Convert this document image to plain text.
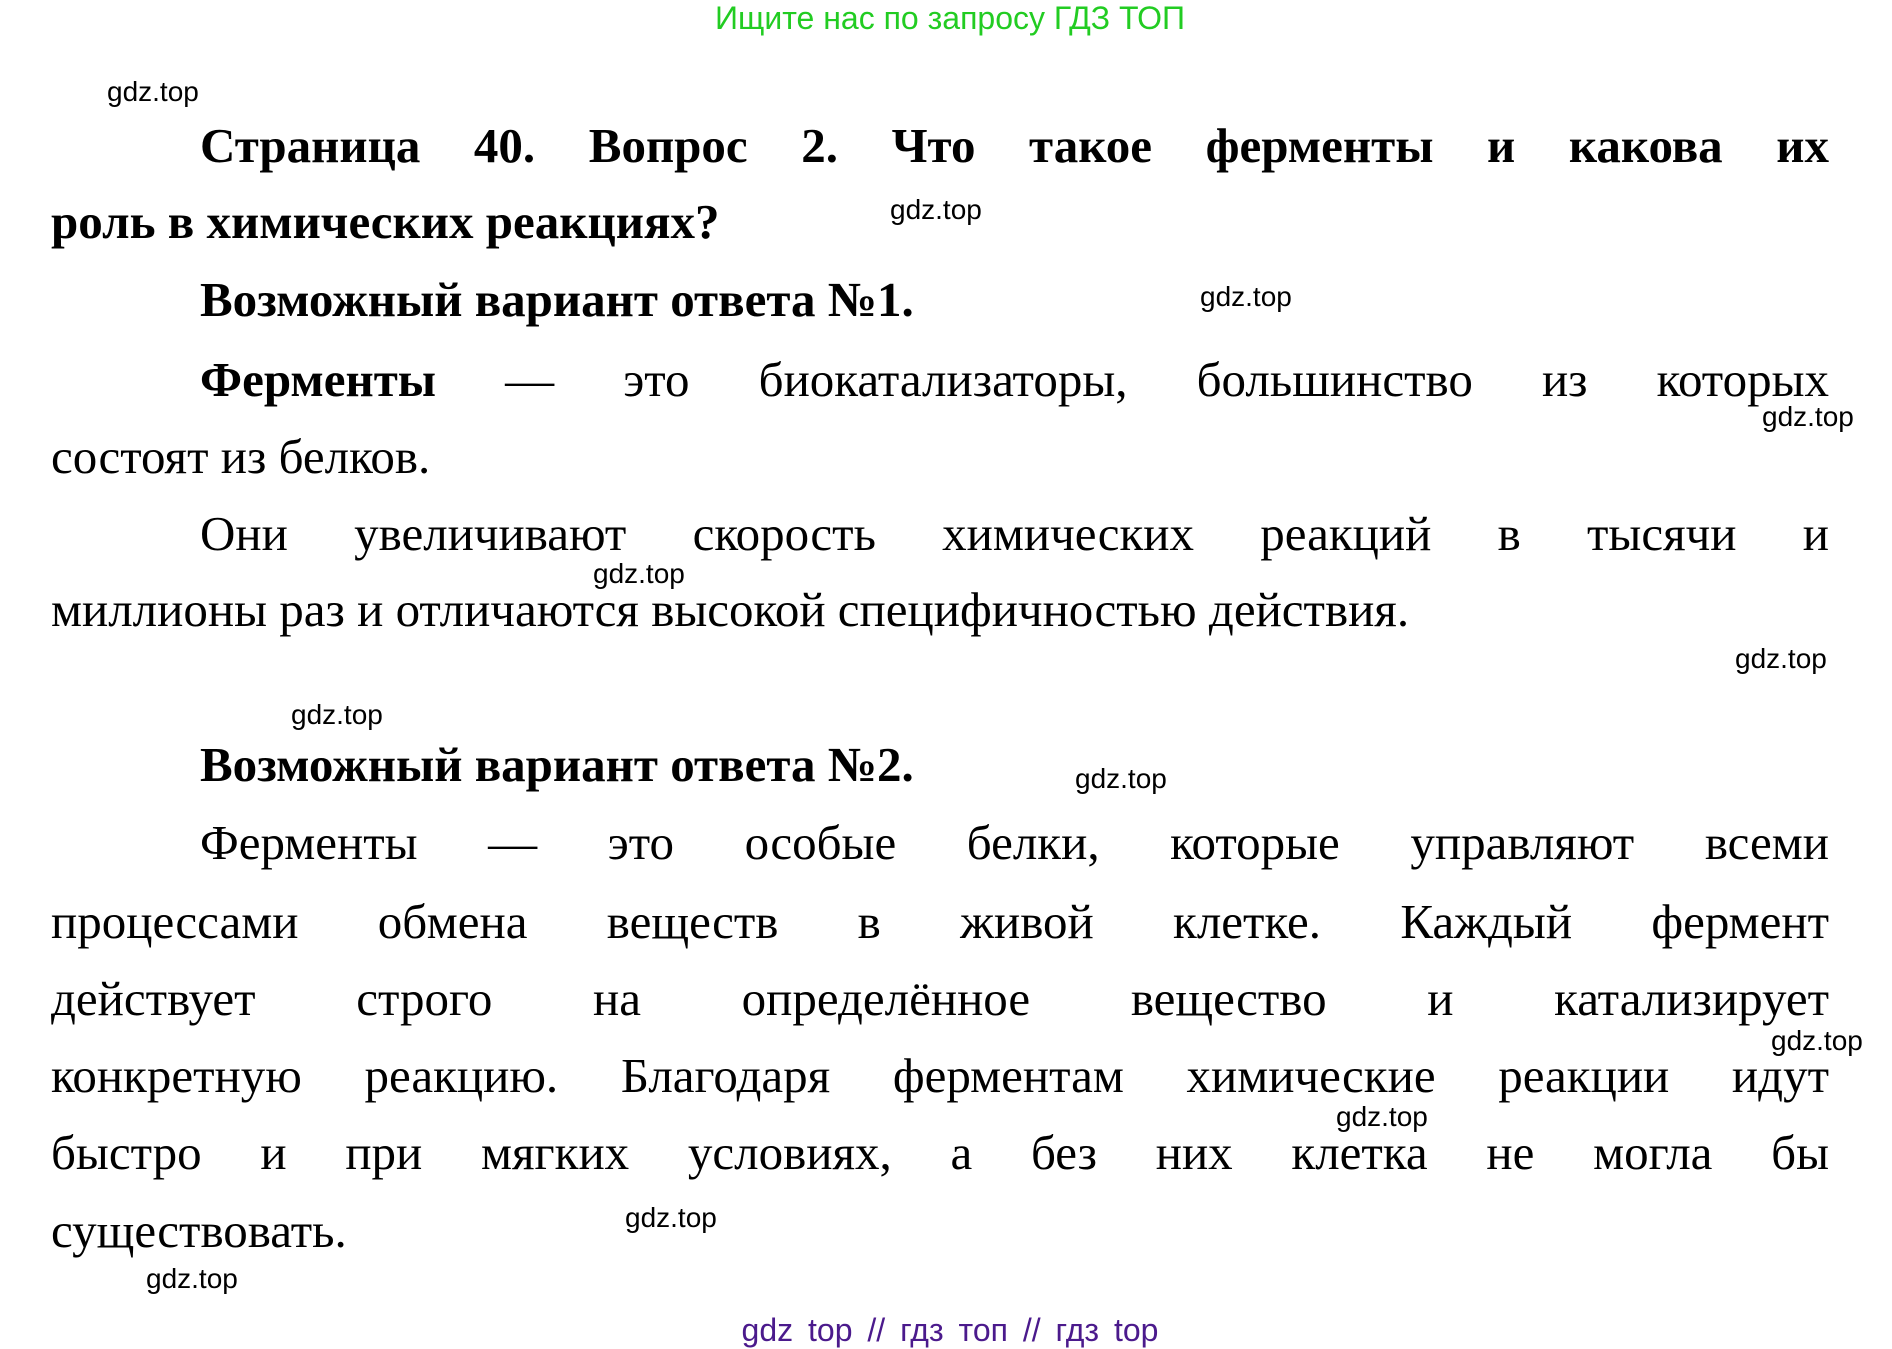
Ищите нас по запросу ГДЗ ТОП
Страница 40. Вопрос 2. Что такое ферменты и какова их
роль в химических реакциях?
Возможный вариант ответа №1.
Ферменты — это биокатализаторы, большинство из которых
состоят из белков.
Они увеличивают скорость химических реакций в тысячи и
миллионы раз и отличаются высокой специфичностью действия.
Возможный вариант ответа №2.
Ферменты — это особые белки, которые управляют всеми
процессами обмена веществ в живой клетке. Каждый фермент
действует строго на определённое вещество и катализирует
конкретную реакцию. Благодаря ферментам химические реакции идут
быстро и при мягких условиях, а без них клетка не могла бы
существовать.
gdz.top
gdz.top
gdz.top
gdz.top
gdz.top
gdz.top
gdz.top
gdz.top
gdz.top
gdz.top
gdz.top
gdz.top
gdz top // гдз топ // гдз top
